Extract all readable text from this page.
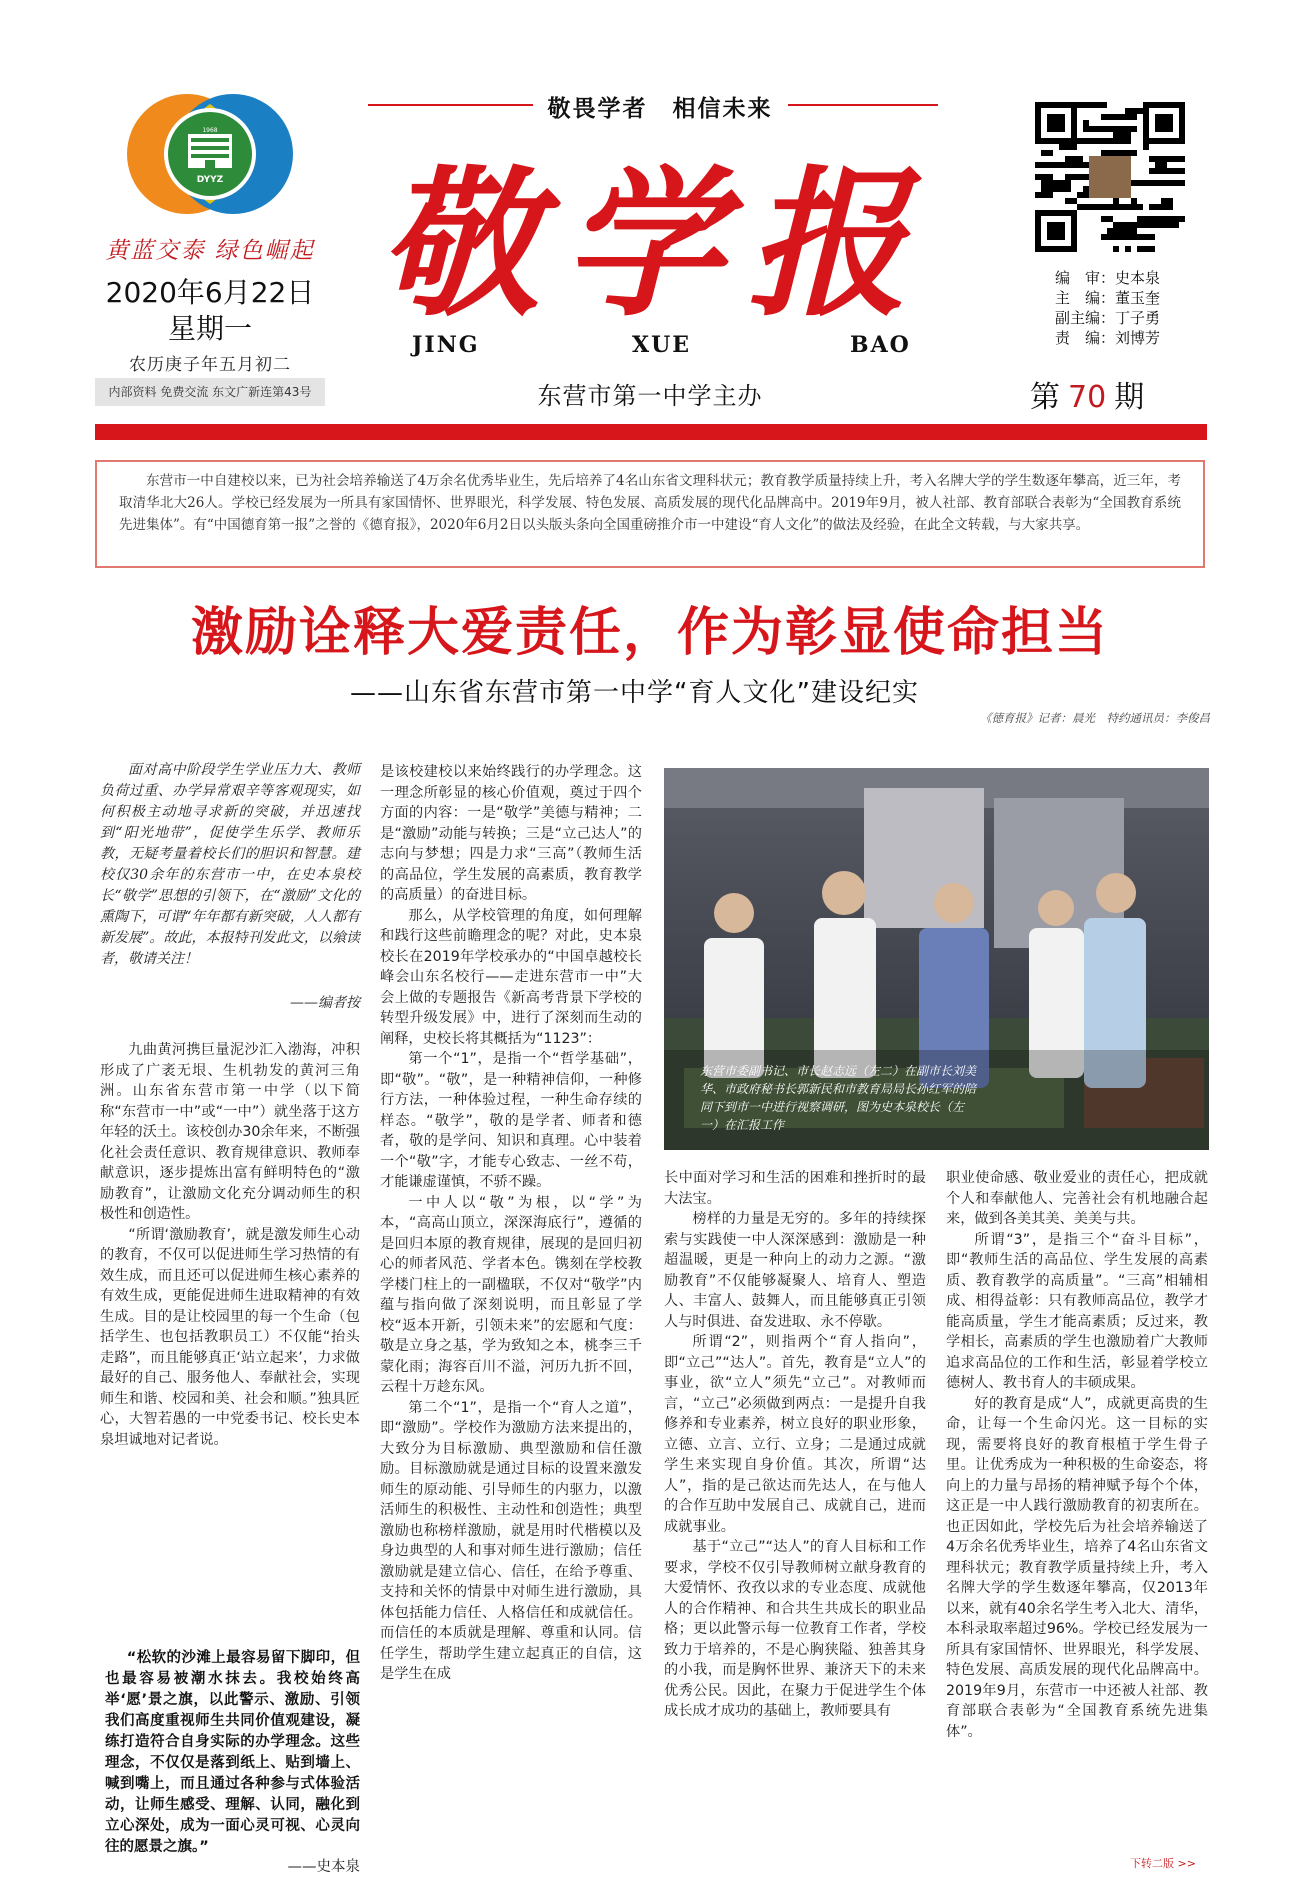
1968
DYYZ
黄蓝交泰 绿色崛起
2020年6月22日
星期一
农历庚子年五月初二
内部资料 免费交流 东文广新连第43号
敬畏学者　相信未来
敬学报
JING	XUE	BAO
东营市第一中学主办
编　审：史本泉
主　编：董玉奎
副主编：丁子勇
责　编：刘博芳
第 70 期
东营市一中自建校以来，已为社会培养输送了4万余名优秀毕业生，先后培养了4名山东省文理科状元；教育教学质量持续上升，考入名牌大学的学生数逐年攀高，近三年，考取清华北大26人。学校已经发展为一所具有家国情怀、世界眼光，科学发展、特色发展、高质发展的现代化品牌高中。2019年9月，被人社部、教育部联合表彰为“全国教育系统先进集体”。有“中国德育第一报”之誉的《德育报》，2020年6月2日以头版头条向全国重磅推介市一中建设“育人文化”的做法及经验，在此全文转载，与大家共享。
激励诠释大爱责任，作为彰显使命担当
——山东省东营市第一中学“育人文化”建设纪实
《德育报》记者：晨光　特约通讯员：李俊昌
面对高中阶段学生学业压力大、教师负荷过重、办学异常艰辛等客观现实，如何积极主动地寻求新的突破，并迅速找到“阳光地带”，促使学生乐学、教师乐教，无疑考量着校长们的胆识和智慧。建校仅30余年的东营市一中，在史本泉校长“敬学”思想的引领下，在“激励”文化的熏陶下，可谓“年年都有新突破，人人都有新发展”。故此，本报特刊发此文，以飨读者，敬请关注！
——编者按

九曲黄河携巨量泥沙汇入渤海，冲积形成了广袤无垠、生机勃发的黄河三角洲。山东省东营市第一中学（以下简称“东营市一中”或“一中”）就坐落于这方年轻的沃土。该校创办30余年来，不断强化社会责任意识、教育规律意识、教师奉献意识，逐步提炼出富有鲜明特色的“激励教育”，让激励文化充分调动师生的积极性和创造性。

“所谓‘激励教育’，就是激发师生心动的教育，不仅可以促进师生学习热情的有效生成，而且还可以促进师生核心素养的有效生成，更能促进师生进取精神的有效生成。目的是让校园里的每一个生命（包括学生、也包括教职员工）不仅能“抬头走路”，而且能够真正‘站立起来’，力求做最好的自己、服务他人、奉献社会，实现师生和谐、校园和美、社会和顺。”独具匠心，大智若愚的一中党委书记、校长史本泉坦诚地对记者说。

“松软的沙滩上最容易留下脚印，但也最容易被潮水抹去。我校始终高举‘愿’景之旗，以此警示、激励、引领我们高度重视师生共同价值观建设，凝练打造符合自身实际的办学理念。这些理念，不仅仅是落到纸上、贴到墙上、喊到嘴上，而且通过各种参与式体验活动，让师生感受、理解、认同，融化到立心深处，成为一面心灵可视、心灵向往的愿景之旗。”
——史本泉

是该校建校以来始终践行的办学理念。这一理念所彰显的核心价值观，奠过于四个方面的内容：一是“敬学”美德与精神；二是“激励”动能与转换；三是“立己达人”的志向与梦想；四是力求“三高”（教师生活的高品位，学生发展的高素质，教育教学的高质量）的奋进目标。

那么，从学校管理的角度，如何理解和践行这些前瞻理念的呢？对此，史本泉校长在2019年学校承办的“中国卓越校长峰会山东名校行——走进东营市一中”大会上做的专题报告《新高考背景下学校的转型升级发展》中，进行了深刻而生动的阐释，史校长将其概括为“1123”：

第一个“1”，是指一个“哲学基础”，即“敬”。“敬”，是一种精神信仰，一种修行方法，一种体验过程，一种生命存续的样态。“敬学”，敬的是学者、师者和德者，敬的是学问、知识和真理。心中装着一个“敬”字，才能专心致志、一丝不苟，才能谦虚谨慎，不骄不躁。

一中人以“敬”为根，以“学”为本，“高高山顶立，深深海底行”，遵循的是回归本原的教育规律，展现的是回归初心的师者风范、学者本色。镌刻在学校教学楼门柱上的一副楹联，不仅对“敬学”内蕴与指向做了深刻说明，而且彰显了学校“返本开新，引领未来”的宏愿和气度：敬是立身之基，学为致知之本，桃李三千蒙化雨；海容百川不溢，河历九折不回，云程十万趁东风。

第二个“1”，是指一个“育人之道”，即“激励”。学校作为激励方法来提出的，大致分为目标激励、典型激励和信任激励。目标激励就是通过目标的设置来激发师生的原动能、引导师生的内驱力，以激活师生的积极性、主动性和创造性；典型激励也称榜样激励，就是用时代楷模以及身边典型的人和事对师生进行激励；信任激励就是建立信心、信任，在给予尊重、支持和关怀的情景中对师生进行激励，具体包括能力信任、人格信任和成就信任。而信任的本质就是理解、尊重和认同。信任学生，帮助学生建立起真正的自信，这是学生在成

东营市委副书记、市长赵志远（左二）在副市长刘美华、市政府秘书长郭新民和市教育局局长孙红军的陪同下到市一中进行视察调研，图为史本泉校长（左一）在汇报工作

长中面对学习和生活的困难和挫折时的最大法宝。

榜样的力量是无穷的。多年的持续探索与实践使一中人深深感到：激励是一种超温暖，更是一种向上的动力之源。“激励教育”不仅能够凝聚人、培育人、塑造人、丰富人、鼓舞人，而且能够真正引领人与时俱进、奋发进取、永不停歇。

所谓“2”，则指两个“育人指向”，即“立己”“达人”。首先，教育是“立人”的事业，欲“立人”须先“立己”。对教师而言，“立己”必须做到两点：一是提升自我修养和专业素养，树立良好的职业形象，立德、立言、立行、立身；二是通过成就学生来实现自身价值。其次，所谓“达人”，指的是己欲达而先达人，在与他人的合作互助中发展自己、成就自己，进而成就事业。

基于“立己”“达人”的育人目标和工作要求，学校不仅引导教师树立献身教育的大爱情怀、孜孜以求的专业态度、成就他人的合作精神、和合共生共成长的职业品格；更以此警示每一位教育工作者，学校致力于培养的，不是心胸狭隘、独善其身的小我，而是胸怀世界、兼济天下的未来优秀公民。因此，在聚力于促进学生个体成长成才成功的基础上，教师要具有

职业使命感、敬业爱业的责任心，把成就个人和奉献他人、完善社会有机地融合起来，做到各美其美、美美与共。

所谓“3”，是指三个“奋斗目标”，即“教师生活的高品位、学生发展的高素质、教育教学的高质量”。“三高”相辅相成、相得益彰：只有教师高品位，教学才能高质量，学生才能高素质；反过来，教学相长，高素质的学生也激励着广大教师追求高品位的工作和生活，彰显着学校立德树人、教书育人的丰硕成果。

好的教育是成“人”，成就更高贵的生命，让每一个生命闪光。这一目标的实现，需要将良好的教育根植于学生骨子里。让优秀成为一种积极的生命姿态，将向上的力量与昂扬的精神赋予每个个体，这正是一中人践行激励教育的初衷所在。也正因如此，学校先后为社会培养输送了4万余名优秀毕业生，培养了4名山东省文理科状元；教育教学质量持续上升，考入名牌大学的学生数逐年攀高，仅2013年以来，就有40余名学生考入北大、清华，本科录取率超过96%。学校已经发展为一所具有家国情怀、世界眼光，科学发展、特色发展、高质发展的现代化品牌高中。2019年9月，东营市一中还被人社部、教育部联合表彰为“全国教育系统先进集体”。

下转二版 >>
